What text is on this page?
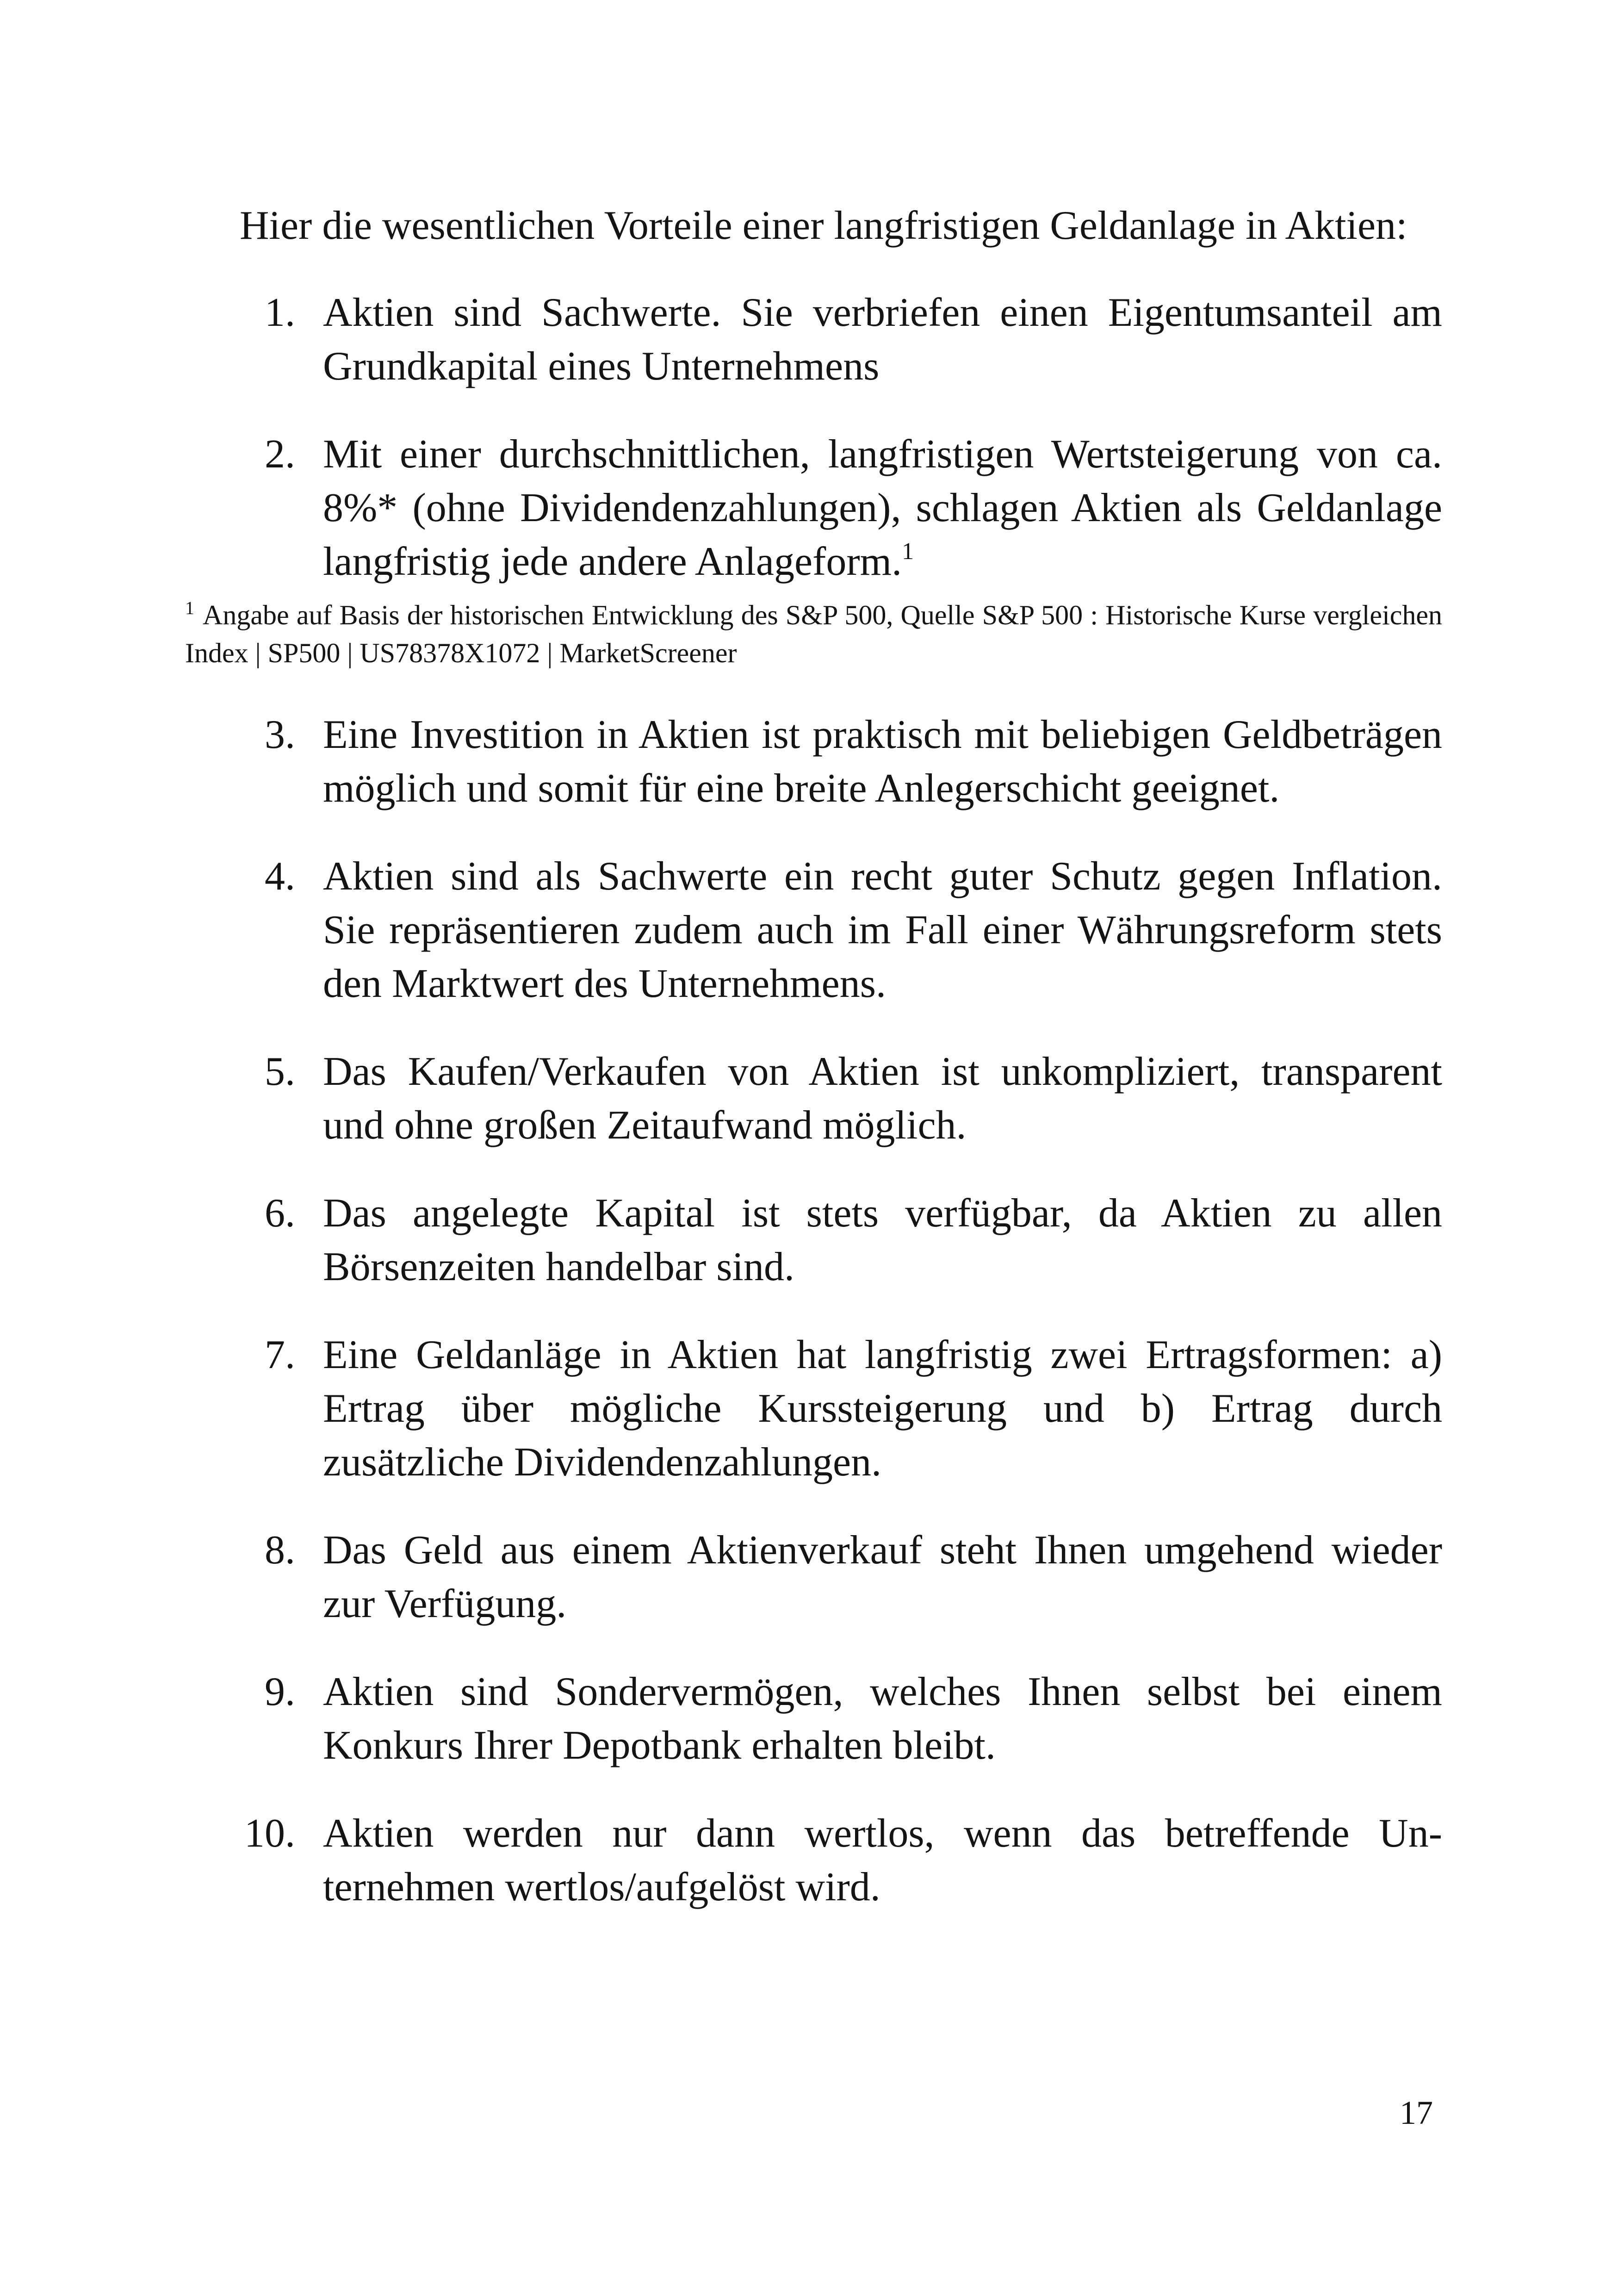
Hier die wesentlichen Vorteile einer langfristigen Geldanlage in Aktien:

1. Aktien sind Sachwerte. Sie verbriefen einen Eigentumsanteil am Grundkapital eines Unternehmens
2. Mit einer durchschnittlichen, langfristigen Wertsteigerung von ca. 8%* (ohne Dividendenzahlungen), schlagen Aktien als Geldanlage langfristig jede andere Anlageform.$^1$
$^1$ Angabe auf Basis der historischen Entwicklung des S&P 500, Quelle S&P 500 : Historische Kurse vergleichen Index | SP500 | US78378X1072 | MarketScreener
3. Eine Investition in Aktien ist praktisch mit beliebigen Geldbeträgen möglich und somit für eine breite Anlegerschicht geeignet.
4. Aktien sind als Sachwerte ein recht guter Schutz gegen Inflation. Sie repräsentieren zudem auch im Fall einer Währungsreform stets den Marktwert des Unternehmens.
5. Das Kaufen/Verkaufen von Aktien ist unkompliziert, transparent und ohne großen Zeitaufwand möglich.
6. Das angelegte Kapital ist stets verfügbar, da Aktien zu allen Börsenzeiten handelbar sind.
7. Eine Geldanläge in Aktien hat langfristig zwei Ertragsformen: a) Ertrag über mögliche Kurssteigerung und b) Ertrag durch zusätzliche Dividendenzahlungen.
8. Das Geld aus einem Aktienverkauf steht Ihnen umgehend wieder zur Verfügung.
9. Aktien sind Sondervermögen, welches Ihnen selbst bei einem Konkurs Ihrer Depotbank erhalten bleibt.
10. Aktien werden nur dann wertlos, wenn das betreffende Unternehmen wertlos/aufgelöst wird.
17
